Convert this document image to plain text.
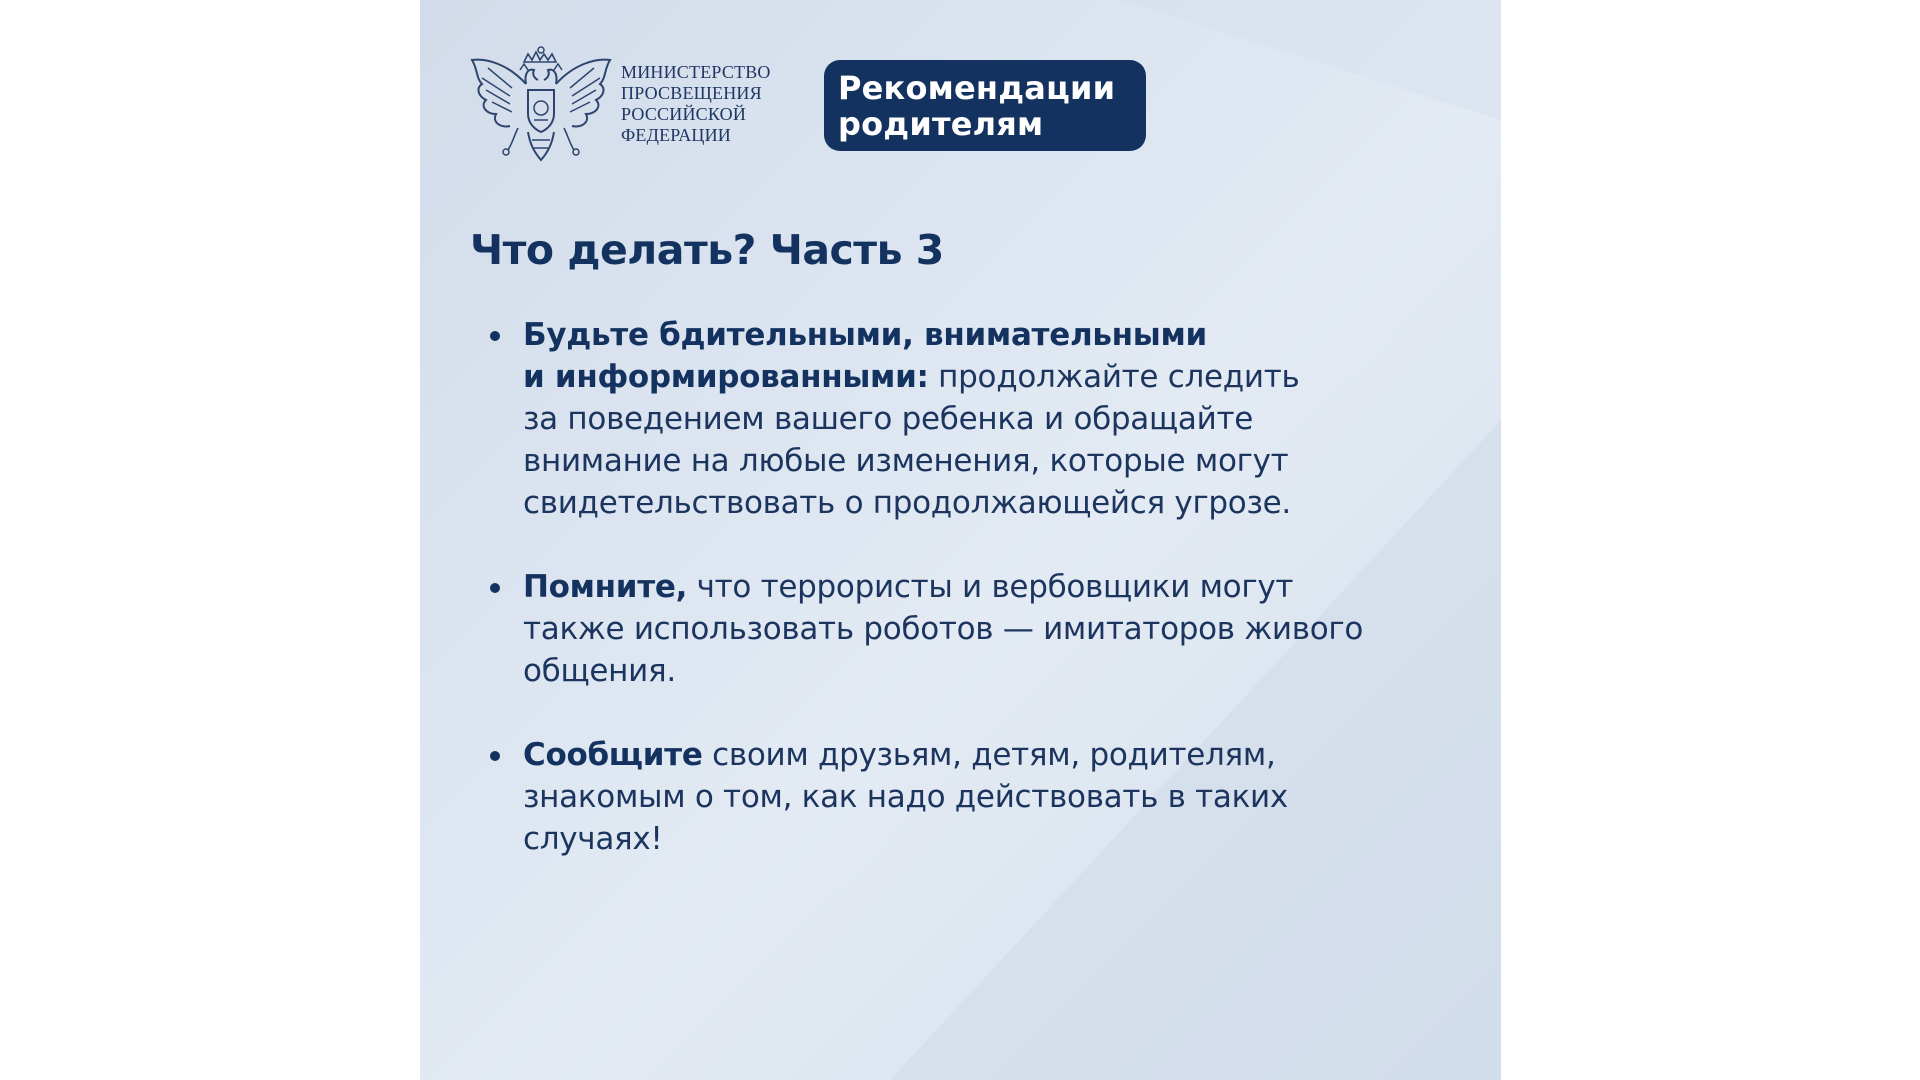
МИНИСТЕРСТВО
ПРОСВЕЩЕНИЯ
РОССИЙСКОЙ
ФЕДЕРАЦИИ
Рекомендации
родителям
Что делать? Часть 3
Будьте бдительными, внимательными
и информированными: продолжайте следить
за поведением вашего ребенка и обращайте
внимание на любые изменения, которые могут
свидетельствовать о продолжающейся угрозе.
Помните, что террористы и вербовщики могут
также использовать роботов — имитаторов живого
общения.
Сообщите своим друзьям, детям, родителям,
знакомым о том, как надо действовать в таких
случаях!
